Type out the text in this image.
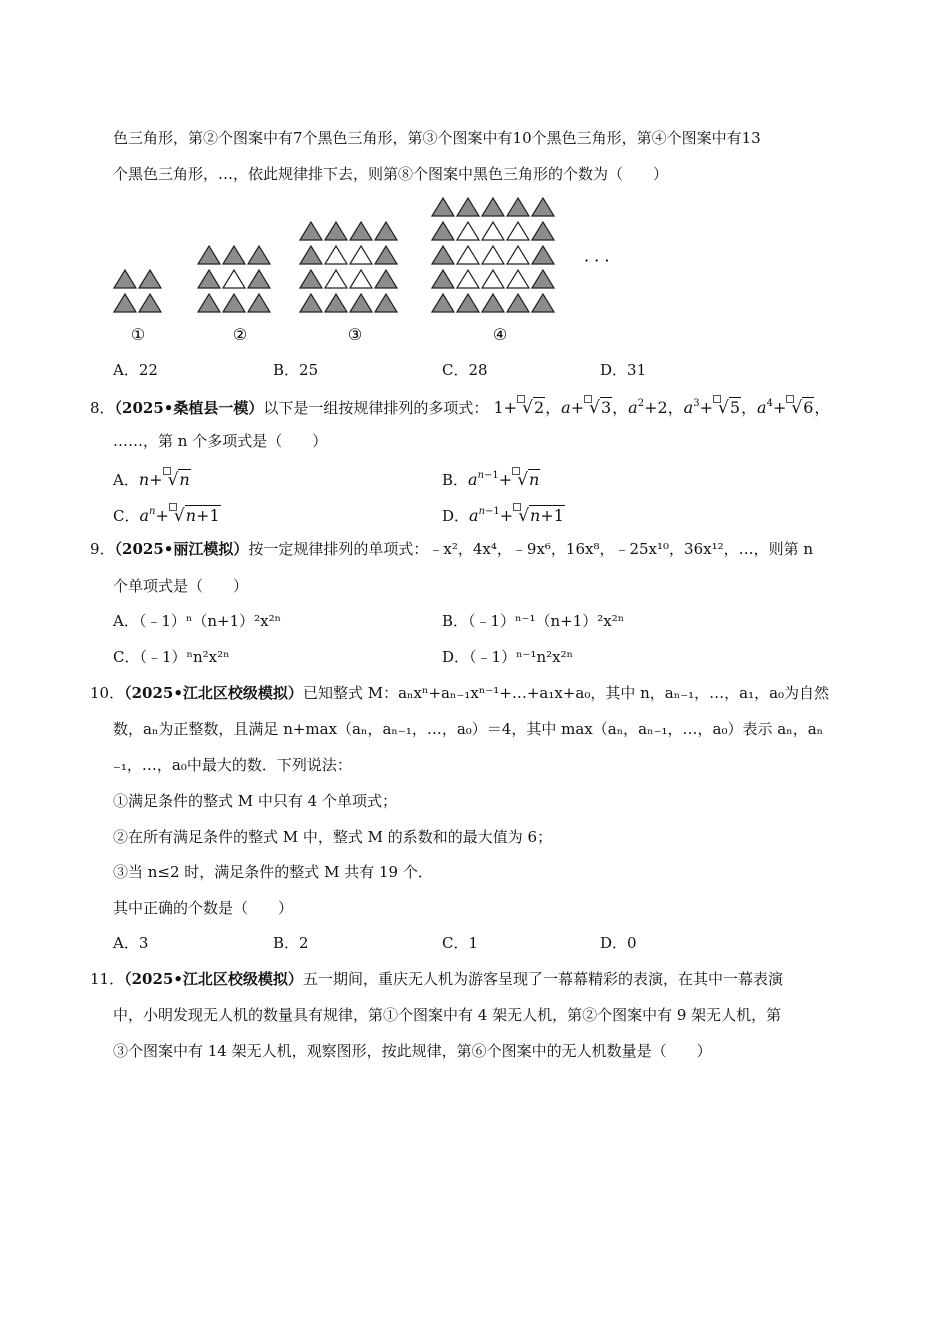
色三角形，第②个图案中有7个黑色三角形，第③个图案中有10个黑色三角形，第④个图案中有13
个黑色三角形，…，依此规律排下去，则第⑧个图案中黑色三角形的个数为（　　）
①	②	③	④
· · ·
A．22	B．25	C．28	D．31
8．（2025•桑植县一模）以下是一组按规律排列的多项式： 1+ √2，a+ √3，$a^2+2$，$a^3+ √5$，$a^4+ √6$，
……，第 n 个多项式是（　　）
A．n+ √n	B．$a^{n-1}+ √n$
C．$a^n+ √n+1$	D．$a^{n-1}+ √n+1$
9．（2025•丽江模拟）按一定规律排列的单项式：﹣x²，4x⁴，﹣9x⁶，16x⁸，﹣25x¹⁰，36x¹²，…，则第 n
个单项式是（　　）
A．（﹣1）ⁿ（n+1）²x²ⁿ	B．（﹣1）ⁿ⁻¹（n+1）²x²ⁿ
C．（﹣1）ⁿn²x²ⁿ	D．（﹣1）ⁿ⁻¹n²x²ⁿ
10．（2025•江北区校级模拟）已知整式 M：aₙxⁿ+aₙ₋₁xⁿ⁻¹+…+a₁x+a₀，其中 n，aₙ₋₁，…，a₁，a₀为自然
数，aₙ为正整数，且满足 n+max（aₙ，aₙ₋₁，…，a₀）＝4，其中 max（aₙ，aₙ₋₁，…，a₀）表示 aₙ，aₙ
₋₁，…，a₀中最大的数．下列说法：
①满足条件的整式 M 中只有 4 个单项式；
②在所有满足条件的整式 M 中，整式 M 的系数和的最大值为 6；
③当 n≤2 时，满足条件的整式 M 共有 19 个．
其中正确的个数是（　　）
A．3	B．2	C．1	D．0
11．（2025•江北区校级模拟）五一期间，重庆无人机为游客呈现了一幕幕精彩的表演，在其中一幕表演
中，小明发现无人机的数量具有规律，第①个图案中有 4 架无人机，第②个图案中有 9 架无人机，第
③个图案中有 14 架无人机，观察图形，按此规律，第⑥个图案中的无人机数量是（　　）
